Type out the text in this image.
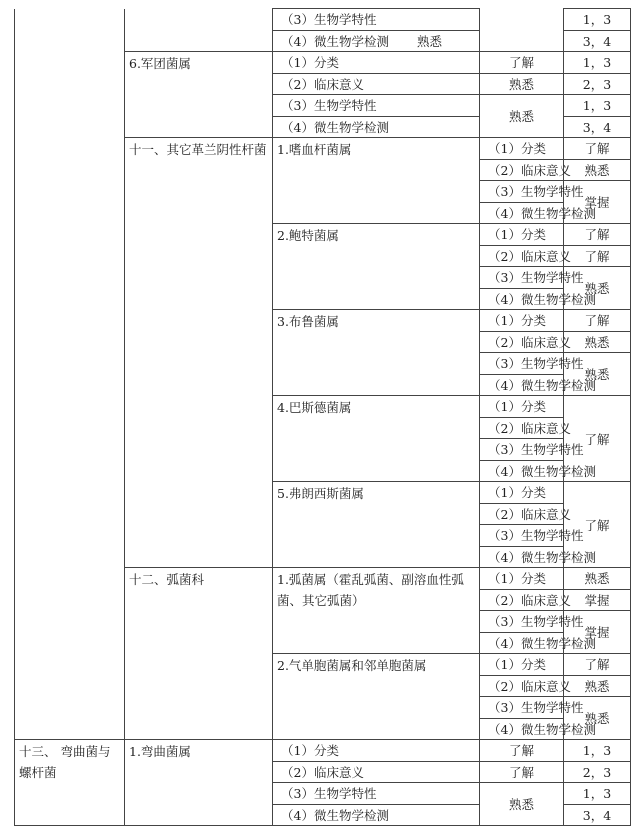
		（3）生物学特性		1，3	
		（4）微生物学检测 熟悉		3，4	
	6.军团菌属	（1）分类	了解	1，3	
		（2）临床意义	熟悉	2，3	
		（3）生物学特性	熟悉	1，3	
		（4）微生物学检测		3，4	
	十一、其它革兰阴性杆菌	1.嗜血杆菌属	（1）分类	了解	
			（2）临床意义	熟悉	
			（3）生物学特性	掌握	
			（4）微生物学检测	
		2.鲍特菌属	（1）分类	了解	
			（2）临床意义	了解	
			（3）生物学特性	熟悉	
			（4）微生物学检测	
		3.布鲁菌属	（1）分类	了解	
			（2）临床意义	熟悉	
			（3）生物学特性	熟悉	
			（4）微生物学检测	
		4.巴斯德菌属	（1）分类	了解	
			（2）临床意义	
			（3）生物学特性	
			（4）微生物学检测	
		5.弗朗西斯菌属	（1）分类	了解	
			（2）临床意义	
			（3）生物学特性	
			（4）微生物学检测	
	十二、弧菌科	1.弧菌属（霍乱弧菌、副溶血性弧菌、其它弧菌）	（1）分类	熟悉	
			（2）临床意义	掌握	
			（3）生物学特性	掌握	
			（4）微生物学检测	
		2.气单胞菌属和邻单胞菌属	（1）分类	了解	
			（2）临床意义	熟悉	
			（3）生物学特性	熟悉	
			（4）微生物学检测	
十三、 弯曲菌与螺杆菌	1.弯曲菌属	（1）分类	了解	1，3	
		（2）临床意义	了解	2，3	
		（3）生物学特性	熟悉	1，3	
		（4）微生物学检测		3，4	
